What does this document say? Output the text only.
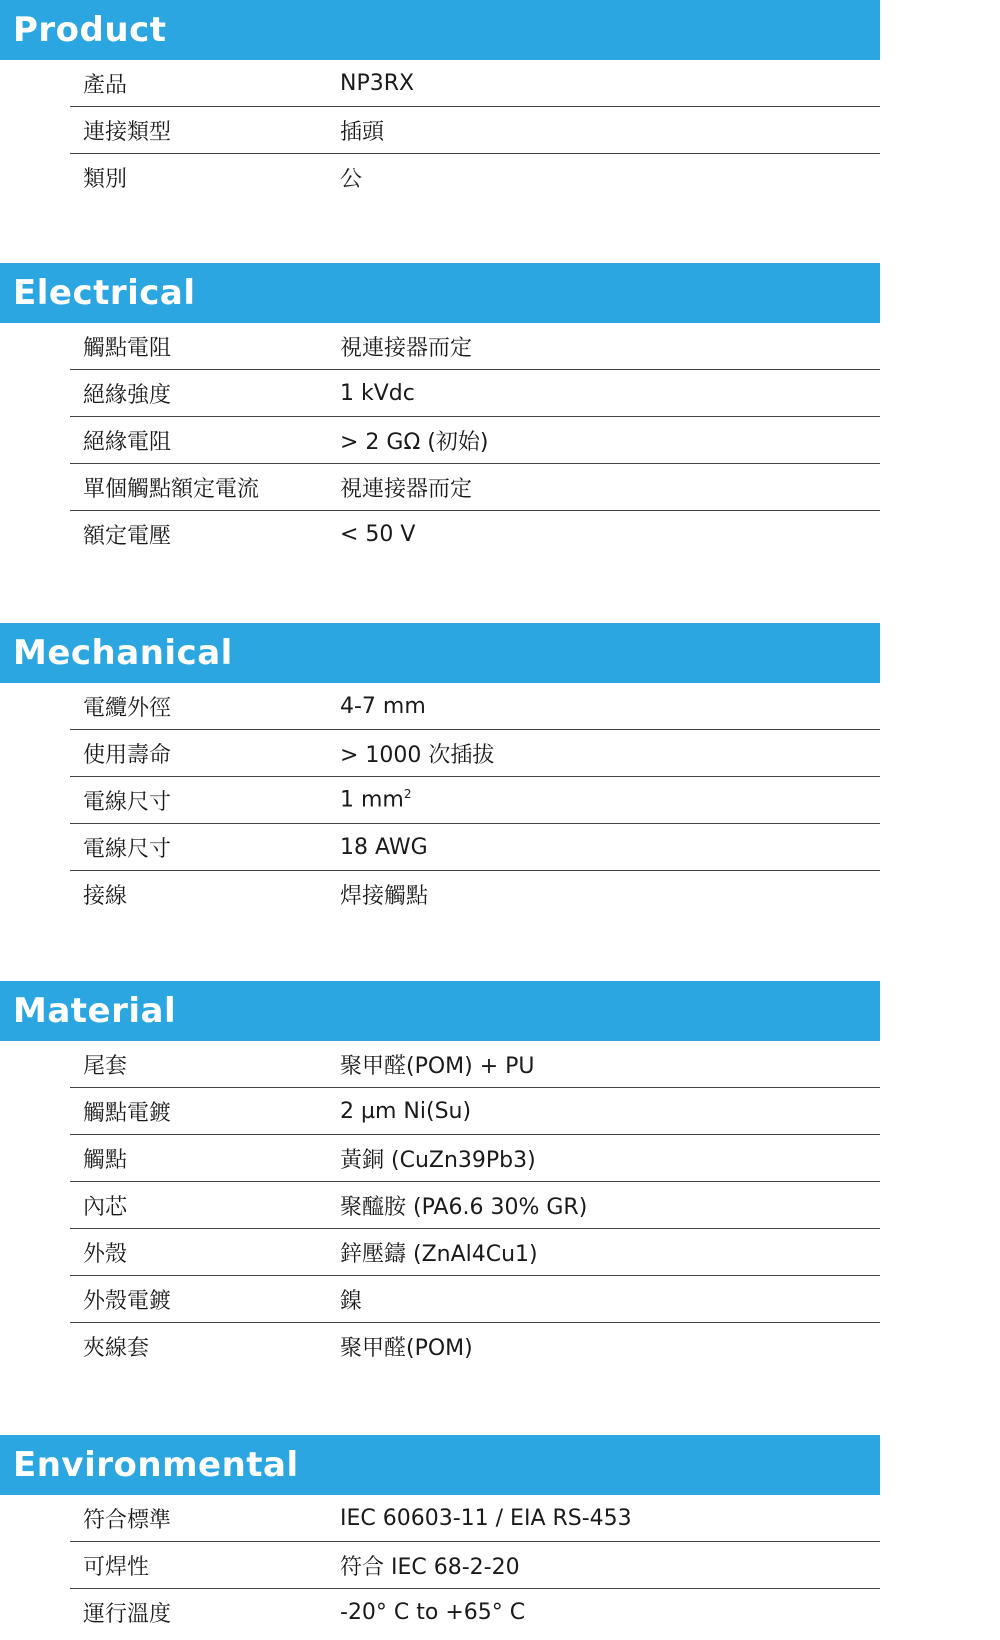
Product
產品	NP3RX
連接類型	插頭
類別	公
Electrical
觸點電阻	視連接器而定
絕緣強度	1 kVdc
絕緣電阻	> 2 GΩ (初始)
單個觸點額定電流	視連接器而定
額定電壓	< 50 V
Mechanical
電纜外徑	4-7 mm
使用壽命	> 1000 次插拔
電線尺寸	1 $mm^2$
電線尺寸	18 AWG
接線	焊接觸點
Material
尾套	聚甲醛(POM) + PU
觸點電鍍	2 µm Ni(Su)
觸點	黃銅 (CuZn39Pb3)
內芯	聚醯胺 (PA6.6 30% GR)
外殼	鋅壓鑄 (ZnAl4Cu1)
外殼電鍍	鎳
夾線套	聚甲醛(POM)
Environmental
符合標準	IEC 60603-11 / EIA RS-453
可焊性	符合 IEC 68-2-20
運行溫度	-20° C to +65° C
